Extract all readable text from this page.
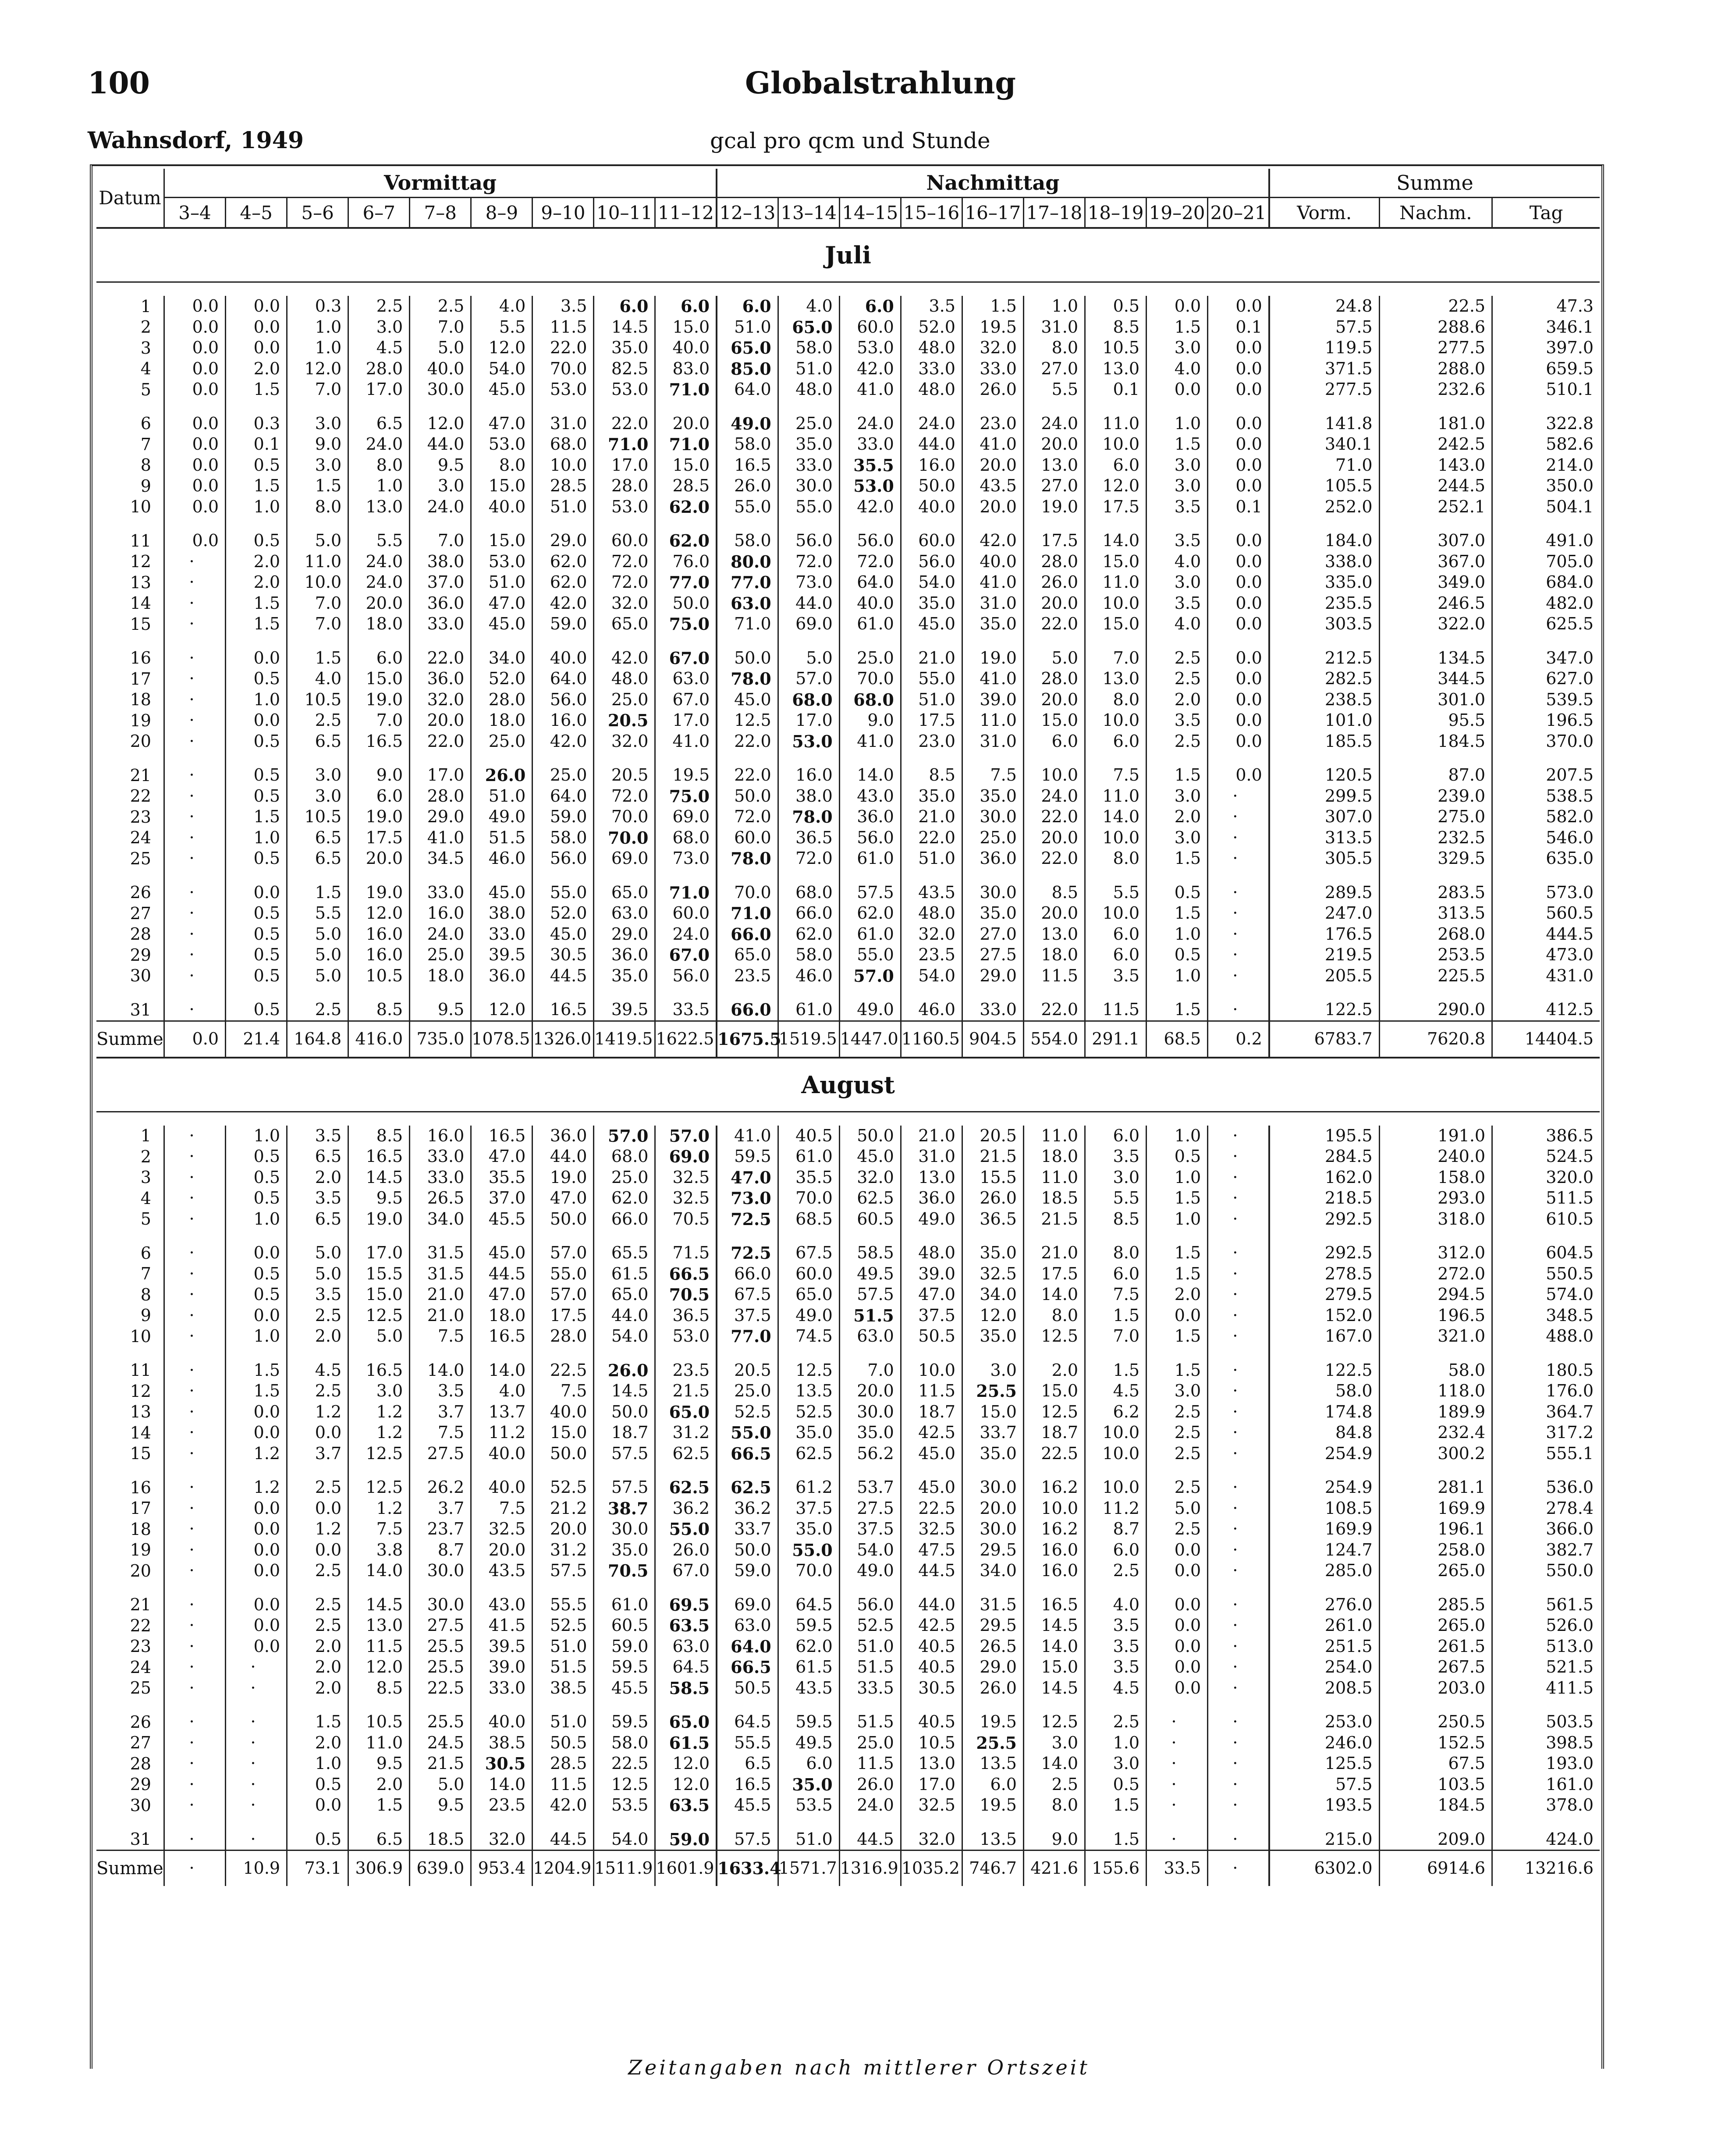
100	Globalstrahlung
Wahnsdorf, 1949	gcal pro qcm und Stunde
Datum	Vormittag									Nachmittag									Summe		
	3–4	4–5	5–6	6–7	7–8	8–9	9–10	10–11	11–12	12–13	13–14	14–15	15–16	16–17	17–18	18–19	19–20	20–21	Vorm.	Nachm.	Tag
Juli																					

1	0.0	0.0	0.3	2.5	2.5	4.0	3.5	6.0	6.0	6.0	4.0	6.0	3.5	1.5	1.0	0.5	0.0	0.0	24.8	22.5	47.3
2	0.0	0.0	1.0	3.0	7.0	5.5	11.5	14.5	15.0	51.0	65.0	60.0	52.0	19.5	31.0	8.5	1.5	0.1	57.5	288.6	346.1
3	0.0	0.0	1.0	4.5	5.0	12.0	22.0	35.0	40.0	65.0	58.0	53.0	48.0	32.0	8.0	10.5	3.0	0.0	119.5	277.5	397.0
4	0.0	2.0	12.0	28.0	40.0	54.0	70.0	82.5	83.0	85.0	51.0	42.0	33.0	33.0	27.0	13.0	4.0	0.0	371.5	288.0	659.5
5	0.0	1.5	7.0	17.0	30.0	45.0	53.0	53.0	71.0	64.0	48.0	41.0	48.0	26.0	5.5	0.1	0.0	0.0	277.5	232.6	510.1

6	0.0	0.3	3.0	6.5	12.0	47.0	31.0	22.0	20.0	49.0	25.0	24.0	24.0	23.0	24.0	11.0	1.0	0.0	141.8	181.0	322.8
7	0.0	0.1	9.0	24.0	44.0	53.0	68.0	71.0	71.0	58.0	35.0	33.0	44.0	41.0	20.0	10.0	1.5	0.0	340.1	242.5	582.6
8	0.0	0.5	3.0	8.0	9.5	8.0	10.0	17.0	15.0	16.5	33.0	35.5	16.0	20.0	13.0	6.0	3.0	0.0	71.0	143.0	214.0
9	0.0	1.5	1.5	1.0	3.0	15.0	28.5	28.0	28.5	26.0	30.0	53.0	50.0	43.5	27.0	12.0	3.0	0.0	105.5	244.5	350.0
10	0.0	1.0	8.0	13.0	24.0	40.0	51.0	53.0	62.0	55.0	55.0	42.0	40.0	20.0	19.0	17.5	3.5	0.1	252.0	252.1	504.1

11	0.0	0.5	5.0	5.5	7.0	15.0	29.0	60.0	62.0	58.0	56.0	56.0	60.0	42.0	17.5	14.0	3.5	0.0	184.0	307.0	491.0
12	·	2.0	11.0	24.0	38.0	53.0	62.0	72.0	76.0	80.0	72.0	72.0	56.0	40.0	28.0	15.0	4.0	0.0	338.0	367.0	705.0
13	·	2.0	10.0	24.0	37.0	51.0	62.0	72.0	77.0	77.0	73.0	64.0	54.0	41.0	26.0	11.0	3.0	0.0	335.0	349.0	684.0
14	·	1.5	7.0	20.0	36.0	47.0	42.0	32.0	50.0	63.0	44.0	40.0	35.0	31.0	20.0	10.0	3.5	0.0	235.5	246.5	482.0
15	·	1.5	7.0	18.0	33.0	45.0	59.0	65.0	75.0	71.0	69.0	61.0	45.0	35.0	22.0	15.0	4.0	0.0	303.5	322.0	625.5

16	·	0.0	1.5	6.0	22.0	34.0	40.0	42.0	67.0	50.0	5.0	25.0	21.0	19.0	5.0	7.0	2.5	0.0	212.5	134.5	347.0
17	·	0.5	4.0	15.0	36.0	52.0	64.0	48.0	63.0	78.0	57.0	70.0	55.0	41.0	28.0	13.0	2.5	0.0	282.5	344.5	627.0
18	·	1.0	10.5	19.0	32.0	28.0	56.0	25.0	67.0	45.0	68.0	68.0	51.0	39.0	20.0	8.0	2.0	0.0	238.5	301.0	539.5
19	·	0.0	2.5	7.0	20.0	18.0	16.0	20.5	17.0	12.5	17.0	9.0	17.5	11.0	15.0	10.0	3.5	0.0	101.0	95.5	196.5
20	·	0.5	6.5	16.5	22.0	25.0	42.0	32.0	41.0	22.0	53.0	41.0	23.0	31.0	6.0	6.0	2.5	0.0	185.5	184.5	370.0

21	·	0.5	3.0	9.0	17.0	26.0	25.0	20.5	19.5	22.0	16.0	14.0	8.5	7.5	10.0	7.5	1.5	0.0	120.5	87.0	207.5
22	·	0.5	3.0	6.0	28.0	51.0	64.0	72.0	75.0	50.0	38.0	43.0	35.0	35.0	24.0	11.0	3.0	·	299.5	239.0	538.5
23	·	1.5	10.5	19.0	29.0	49.0	59.0	70.0	69.0	72.0	78.0	36.0	21.0	30.0	22.0	14.0	2.0	·	307.0	275.0	582.0
24	·	1.0	6.5	17.5	41.0	51.5	58.0	70.0	68.0	60.0	36.5	56.0	22.0	25.0	20.0	10.0	3.0	·	313.5	232.5	546.0
25	·	0.5	6.5	20.0	34.5	46.0	56.0	69.0	73.0	78.0	72.0	61.0	51.0	36.0	22.0	8.0	1.5	·	305.5	329.5	635.0

26	·	0.0	1.5	19.0	33.0	45.0	55.0	65.0	71.0	70.0	68.0	57.5	43.5	30.0	8.5	5.5	0.5	·	289.5	283.5	573.0
27	·	0.5	5.5	12.0	16.0	38.0	52.0	63.0	60.0	71.0	66.0	62.0	48.0	35.0	20.0	10.0	1.5	·	247.0	313.5	560.5
28	·	0.5	5.0	16.0	24.0	33.0	45.0	29.0	24.0	66.0	62.0	61.0	32.0	27.0	13.0	6.0	1.0	·	176.5	268.0	444.5
29	·	0.5	5.0	16.0	25.0	39.5	30.5	36.0	67.0	65.0	58.0	55.0	23.5	27.5	18.0	6.0	0.5	·	219.5	253.5	473.0
30	·	0.5	5.0	10.5	18.0	36.0	44.5	35.0	56.0	23.5	46.0	57.0	54.0	29.0	11.5	3.5	1.0	·	205.5	225.5	431.0

31	·	0.5	2.5	8.5	9.5	12.0	16.5	39.5	33.5	66.0	61.0	49.0	46.0	33.0	22.0	11.5	1.5	·	122.5	290.0	412.5
Summe	0.0	21.4	164.8	416.0	735.0	1078.5	1326.0	1419.5	1622.5	1675.5	1519.5	1447.0	1160.5	904.5	554.0	291.1	68.5	0.2	6783.7	7620.8	14404.5
August																					

1	·	1.0	3.5	8.5	16.0	16.5	36.0	57.0	57.0	41.0	40.5	50.0	21.0	20.5	11.0	6.0	1.0	·	195.5	191.0	386.5
2	·	0.5	6.5	16.5	33.0	47.0	44.0	68.0	69.0	59.5	61.0	45.0	31.0	21.5	18.0	3.5	0.5	·	284.5	240.0	524.5
3	·	0.5	2.0	14.5	33.0	35.5	19.0	25.0	32.5	47.0	35.5	32.0	13.0	15.5	11.0	3.0	1.0	·	162.0	158.0	320.0
4	·	0.5	3.5	9.5	26.5	37.0	47.0	62.0	32.5	73.0	70.0	62.5	36.0	26.0	18.5	5.5	1.5	·	218.5	293.0	511.5
5	·	1.0	6.5	19.0	34.0	45.5	50.0	66.0	70.5	72.5	68.5	60.5	49.0	36.5	21.5	8.5	1.0	·	292.5	318.0	610.5

6	·	0.0	5.0	17.0	31.5	45.0	57.0	65.5	71.5	72.5	67.5	58.5	48.0	35.0	21.0	8.0	1.5	·	292.5	312.0	604.5
7	·	0.5	5.0	15.5	31.5	44.5	55.0	61.5	66.5	66.0	60.0	49.5	39.0	32.5	17.5	6.0	1.5	·	278.5	272.0	550.5
8	·	0.5	3.5	15.0	21.0	47.0	57.0	65.0	70.5	67.5	65.0	57.5	47.0	34.0	14.0	7.5	2.0	·	279.5	294.5	574.0
9	·	0.0	2.5	12.5	21.0	18.0	17.5	44.0	36.5	37.5	49.0	51.5	37.5	12.0	8.0	1.5	0.0	·	152.0	196.5	348.5
10	·	1.0	2.0	5.0	7.5	16.5	28.0	54.0	53.0	77.0	74.5	63.0	50.5	35.0	12.5	7.0	1.5	·	167.0	321.0	488.0

11	·	1.5	4.5	16.5	14.0	14.0	22.5	26.0	23.5	20.5	12.5	7.0	10.0	3.0	2.0	1.5	1.5	·	122.5	58.0	180.5
12	·	1.5	2.5	3.0	3.5	4.0	7.5	14.5	21.5	25.0	13.5	20.0	11.5	25.5	15.0	4.5	3.0	·	58.0	118.0	176.0
13	·	0.0	1.2	1.2	3.7	13.7	40.0	50.0	65.0	52.5	52.5	30.0	18.7	15.0	12.5	6.2	2.5	·	174.8	189.9	364.7
14	·	0.0	0.0	1.2	7.5	11.2	15.0	18.7	31.2	55.0	35.0	35.0	42.5	33.7	18.7	10.0	2.5	·	84.8	232.4	317.2
15	·	1.2	3.7	12.5	27.5	40.0	50.0	57.5	62.5	66.5	62.5	56.2	45.0	35.0	22.5	10.0	2.5	·	254.9	300.2	555.1

16	·	1.2	2.5	12.5	26.2	40.0	52.5	57.5	62.5	62.5	61.2	53.7	45.0	30.0	16.2	10.0	2.5	·	254.9	281.1	536.0
17	·	0.0	0.0	1.2	3.7	7.5	21.2	38.7	36.2	36.2	37.5	27.5	22.5	20.0	10.0	11.2	5.0	·	108.5	169.9	278.4
18	·	0.0	1.2	7.5	23.7	32.5	20.0	30.0	55.0	33.7	35.0	37.5	32.5	30.0	16.2	8.7	2.5	·	169.9	196.1	366.0
19	·	0.0	0.0	3.8	8.7	20.0	31.2	35.0	26.0	50.0	55.0	54.0	47.5	29.5	16.0	6.0	0.0	·	124.7	258.0	382.7
20	·	0.0	2.5	14.0	30.0	43.5	57.5	70.5	67.0	59.0	70.0	49.0	44.5	34.0	16.0	2.5	0.0	·	285.0	265.0	550.0

21	·	0.0	2.5	14.5	30.0	43.0	55.5	61.0	69.5	69.0	64.5	56.0	44.0	31.5	16.5	4.0	0.0	·	276.0	285.5	561.5
22	·	0.0	2.5	13.0	27.5	41.5	52.5	60.5	63.5	63.0	59.5	52.5	42.5	29.5	14.5	3.5	0.0	·	261.0	265.0	526.0
23	·	0.0	2.0	11.5	25.5	39.5	51.0	59.0	63.0	64.0	62.0	51.0	40.5	26.5	14.0	3.5	0.0	·	251.5	261.5	513.0
24	·	·	2.0	12.0	25.5	39.0	51.5	59.5	64.5	66.5	61.5	51.5	40.5	29.0	15.0	3.5	0.0	·	254.0	267.5	521.5
25	·	·	2.0	8.5	22.5	33.0	38.5	45.5	58.5	50.5	43.5	33.5	30.5	26.0	14.5	4.5	0.0	·	208.5	203.0	411.5

26	·	·	1.5	10.5	25.5	40.0	51.0	59.5	65.0	64.5	59.5	51.5	40.5	19.5	12.5	2.5	·	·	253.0	250.5	503.5
27	·	·	2.0	11.0	24.5	38.5	50.5	58.0	61.5	55.5	49.5	25.0	10.5	25.5	3.0	1.0	·	·	246.0	152.5	398.5
28	·	·	1.0	9.5	21.5	30.5	28.5	22.5	12.0	6.5	6.0	11.5	13.0	13.5	14.0	3.0	·	·	125.5	67.5	193.0
29	·	·	0.5	2.0	5.0	14.0	11.5	12.5	12.0	16.5	35.0	26.0	17.0	6.0	2.5	0.5	·	·	57.5	103.5	161.0
30	·	·	0.0	1.5	9.5	23.5	42.0	53.5	63.5	45.5	53.5	24.0	32.5	19.5	8.0	1.5	·	·	193.5	184.5	378.0

31	·	·	0.5	6.5	18.5	32.0	44.5	54.0	59.0	57.5	51.0	44.5	32.0	13.5	9.0	1.5	·	·	215.0	209.0	424.0
Summe	·	10.9	73.1	306.9	639.0	953.4	1204.9	1511.9	1601.9	1633.4	1571.7	1316.9	1035.2	746.7	421.6	155.6	33.5	·	6302.0	6914.6	13216.6
Zeitangaben nach mittlerer Ortszeit
